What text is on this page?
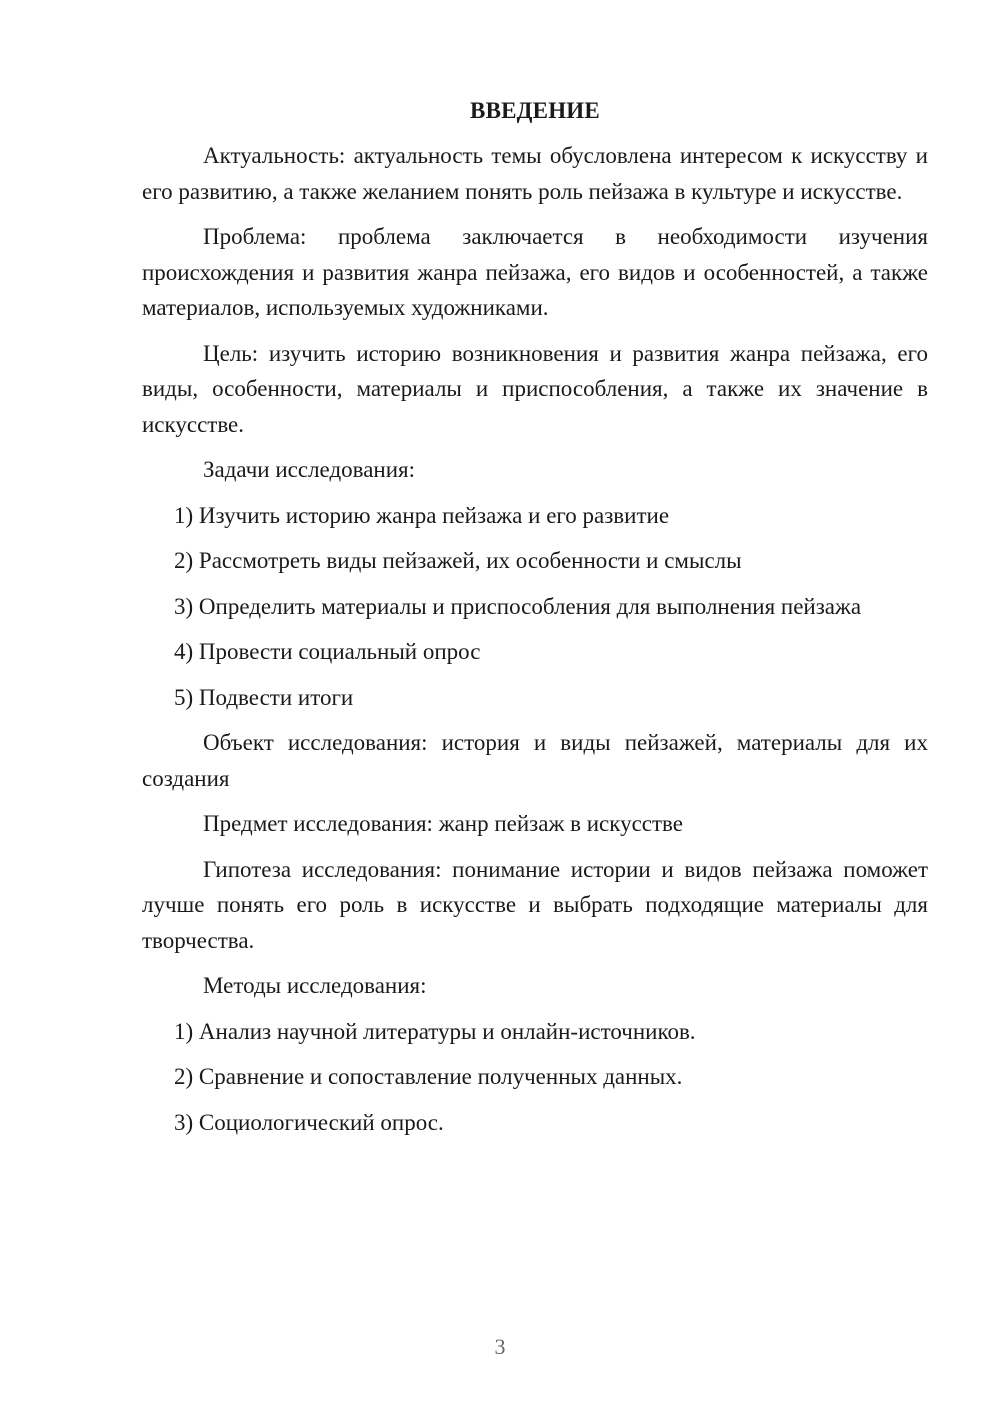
ВВЕДЕНИЕ

Актуальность: актуальность темы обусловлена интересом к искусству и его развитию, а также желанием понять роль пейзажа в культуре и искусстве.

Проблема: проблема заключается в необходимости изучения происхождения и развития жанра пейзажа, его видов и особенностей, а также материалов, используемых художниками.

Цель: изучить историю возникновения и развития жанра пейзажа, его виды, особенности, материалы и приспособления, а также их значение в искусстве.

Задачи исследования:

1) Изучить историю жанра пейзажа и его развитие
2) Рассмотреть виды пейзажей, их особенности и смыслы
3) Определить материалы и приспособления для выполнения пейзажа
4) Провести социальный опрос
5) Подвести итоги

Объект исследования: история и виды пейзажей, материалы для их создания

Предмет исследования: жанр пейзаж в искусстве

Гипотеза исследования: понимание истории и видов пейзажа поможет лучше понять его роль в искусстве и выбрать подходящие материалы для творчества.

Методы исследования:

1) Анализ научной литературы и онлайн-источников.
2) Сравнение и сопоставление полученных данных.
3) Социологический опрос.
3
